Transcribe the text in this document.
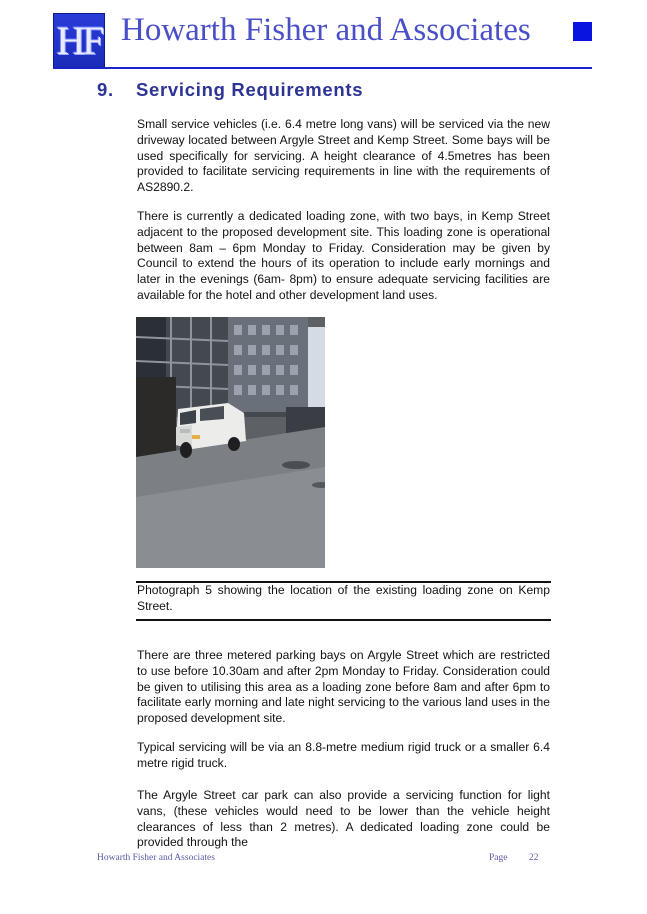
HF Howarth Fisher and Associates
9. Servicing Requirements

Small service vehicles (i.e. 6.4 metre long vans) will be serviced via the new driveway located between Argyle Street and Kemp Street. Some bays will be used specifically for servicing. A height clearance of 4.5metres has been provided to facilitate servicing requirements in line with the requirements of AS2890.2.

There is currently a dedicated loading zone, with two bays, in Kemp Street adjacent to the proposed development site. This loading zone is operational between 8am – 6pm Monday to Friday. Consideration may be given by Council to extend the hours of its operation to include early mornings and later in the evenings (6am- 8pm) to ensure adequate servicing facilities are available for the hotel and other development land uses.

Photograph 5 showing the location of the existing loading zone on Kemp Street.

There are three metered parking bays on Argyle Street which are restricted to use before 10.30am and after 2pm Monday to Friday. Consideration could be given to utilising this area as a loading zone before 8am and after 6pm to facilitate early morning and late night servicing to the various land uses in the proposed development site.

Typical servicing will be via an 8.8-metre medium rigid truck or a smaller 6.4 metre rigid truck.

The Argyle Street car park can also provide a servicing function for light vans, (these vehicles would need to be lower than the vehicle height clearances of less than 2 metres). A dedicated loading zone could be provided through the

Howarth Fisher and Associates	Page 22
